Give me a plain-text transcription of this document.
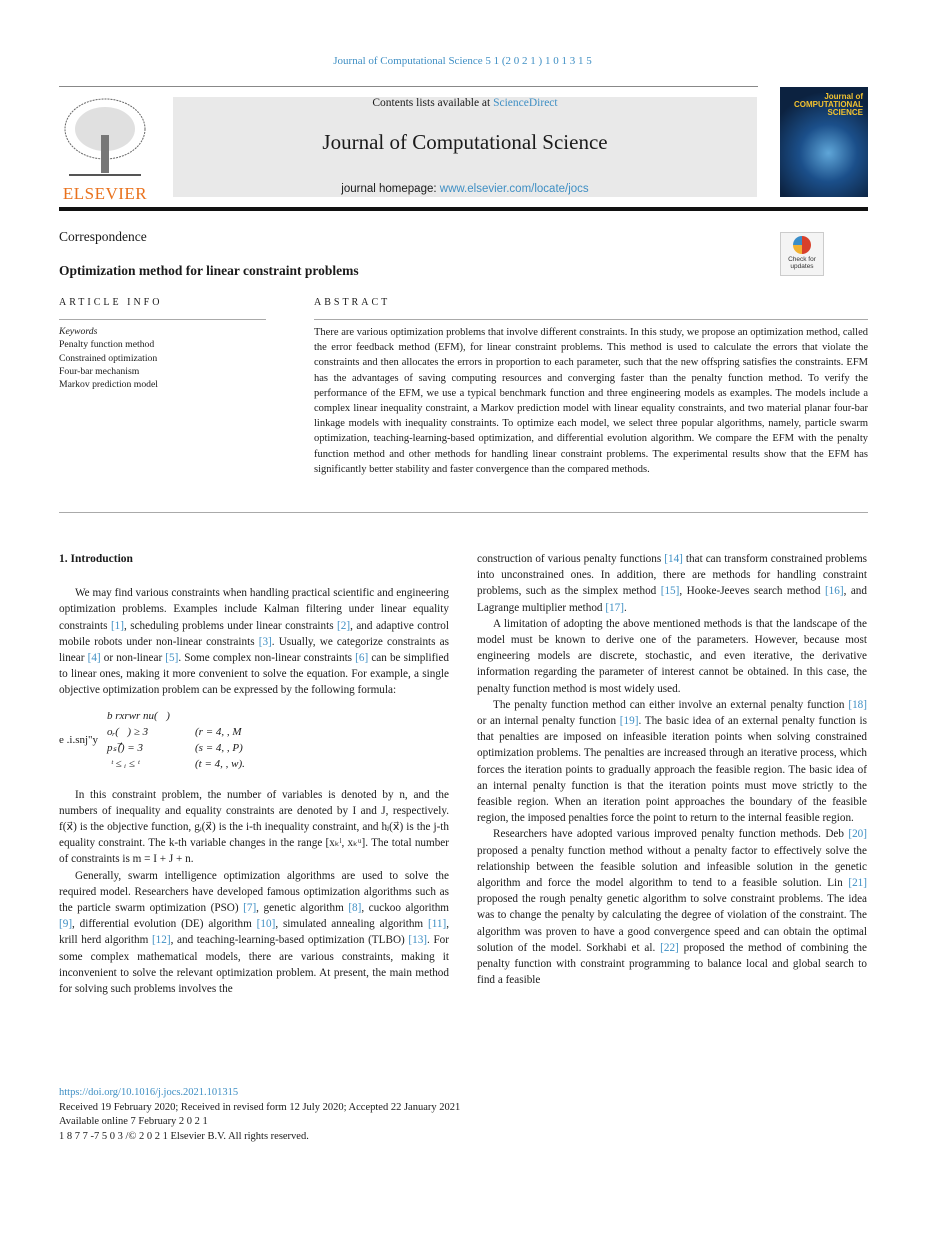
Journal of Computational Science 5 1 (2 0 2 1 ) 1 0 1 3 1 5
ELSEVIER
Contents lists available at ScienceDirect
Journal of Computational Science
journal homepage: www.elsevier.com/locate/jocs
Journal of COMPUTATIONAL SCIENCE
Correspondence
Optimization method for linear constraint problems
Check for updates
ARTICLE INFO	ABSTRACT
Keywords
Penalty function method
Constrained optimization
Four-bar mechanism
Markov prediction model
There are various optimization problems that involve different constraints. In this study, we propose an optimization method, called the error feedback method (EFM), for linear constraint problems. This method is used to calculate the errors that violate the constraints and then allocates the errors in proportion to each parameter, such that the new offspring satisfies the constraints. EFM has the advantages of saving computing resources and converging faster than the penalty function method. To verify the performance of the EFM, we use a typical benchmark function and three engineering models as examples. The models include a complex linear inequality constraint, a Markov prediction model with linear equality constraints, and two material planar four-bar linkage models with inequality constraints. To optimize each model, we select three popular algorithms, namely, particle swarm optimization, teaching-learning-based optimization, and differential evolution algorithm. We compare the EFM with the penalty function method and other methods for handling linear constraint problems. The experimental results show that the EFM has significantly better stability and faster convergence than the compared methods.
1. Introduction

We may find various constraints when handling practical scientific and engineering optimization problems. Examples include Kalman filtering under linear equality constraints [1], scheduling problems under linear constraints [2], and adaptive control mobile robots under non-linear constraints [3]. Usually, we categorize constraints as linear [4] or non-linear [5]. Some complex non-linear constraints [6] can be simplified to linear ones, making it more convenient to solve the equation. For example, a single objective optimization problem can be expressed by the following formula:

b rxrwr nu(⃗)
e .i.snj"y
oᵣ(⃗) ≥ 3	(r = 4, , M
pₛ(⃗) = 3	(s = 4, , P)
ᵗ ≤ ᵢ ≤ ᵗ	(t = 4, , w).

In this constraint problem, the number of variables is denoted by n, and the numbers of inequality and equality constraints are denoted by I and J, respectively. f(x⃗) is the objective function, gᵢ(x⃗) is the i-th inequality constraint, and hⱼ(x⃗) is the j-th equality constraint. The k-th variable changes in the range [xₖˡ, xₖᵘ]. The total number of constraints is m = I + J + n.

Generally, swarm intelligence optimization algorithms are used to solve the required model. Researchers have developed famous optimization algorithms such as the particle swarm optimization (PSO) [7], genetic algorithm [8], cuckoo algorithm [9], differential evolution (DE) algorithm [10], simulated annealing algorithm [11], krill herd algorithm [12], and teaching-learning-based optimization (TLBO) [13]. For some complex mathematical models, there are various constraints, making it inconvenient to solve the relevant optimization problem. At present, the main method for solving such problems involves the

construction of various penalty functions [14] that can transform constrained problems into unconstrained ones. In addition, there are methods for handling constraint problems, such as the simplex method [15], Hooke-Jeeves search method [16], and Lagrange multiplier method [17].

A limitation of adopting the above mentioned methods is that the landscape of the model must be known to derive one of the parameters. However, because most engineering models are discrete, stochastic, and even iterative, the derivative information regarding the parameter of interest cannot be obtained. In this case, the penalty function method is most widely used.

The penalty function method can either involve an external penalty function [18] or an internal penalty function [19]. The basic idea of an external penalty function is that penalties are imposed on infeasible iteration points when solving constrained optimization problems. The penalties are increased through an iterative process, which forces the iteration points to gradually approach the feasible region. The basic idea of an internal penalty function is that the iteration points must move strictly to the feasible region. When an iteration point approaches the boundary of the feasible region, the imposed penalties force the point to return to the internal feasible region.

Researchers have adopted various improved penalty function methods. Deb [20] proposed a penalty function method without a penalty factor to effectively solve the relationship between the feasible solution and infeasible solution in the genetic algorithm and force the model algorithm to tend to a feasible solution. Lin [21] proposed the rough penalty genetic algorithm to solve constraint problems. The idea was to change the penalty by calculating the degree of violation of the constraint. The algorithm was proven to have a good convergence speed and can obtain the optimal solution of the model. Sorkhabi et al. [22] proposed the method of combining the penalty function with constraint programming to balance local and global search to find a feasible

https://doi.org/10.1016/j.jocs.2021.101315
Received 19 February 2020; Received in revised form 12 July 2020; Accepted 22 January 2021
Available online 7 February 2 0 2 1
1 8 7 7 -7 5 0 3 /© 2 0 2 1 Elsevier B.V. All rights reserved.
